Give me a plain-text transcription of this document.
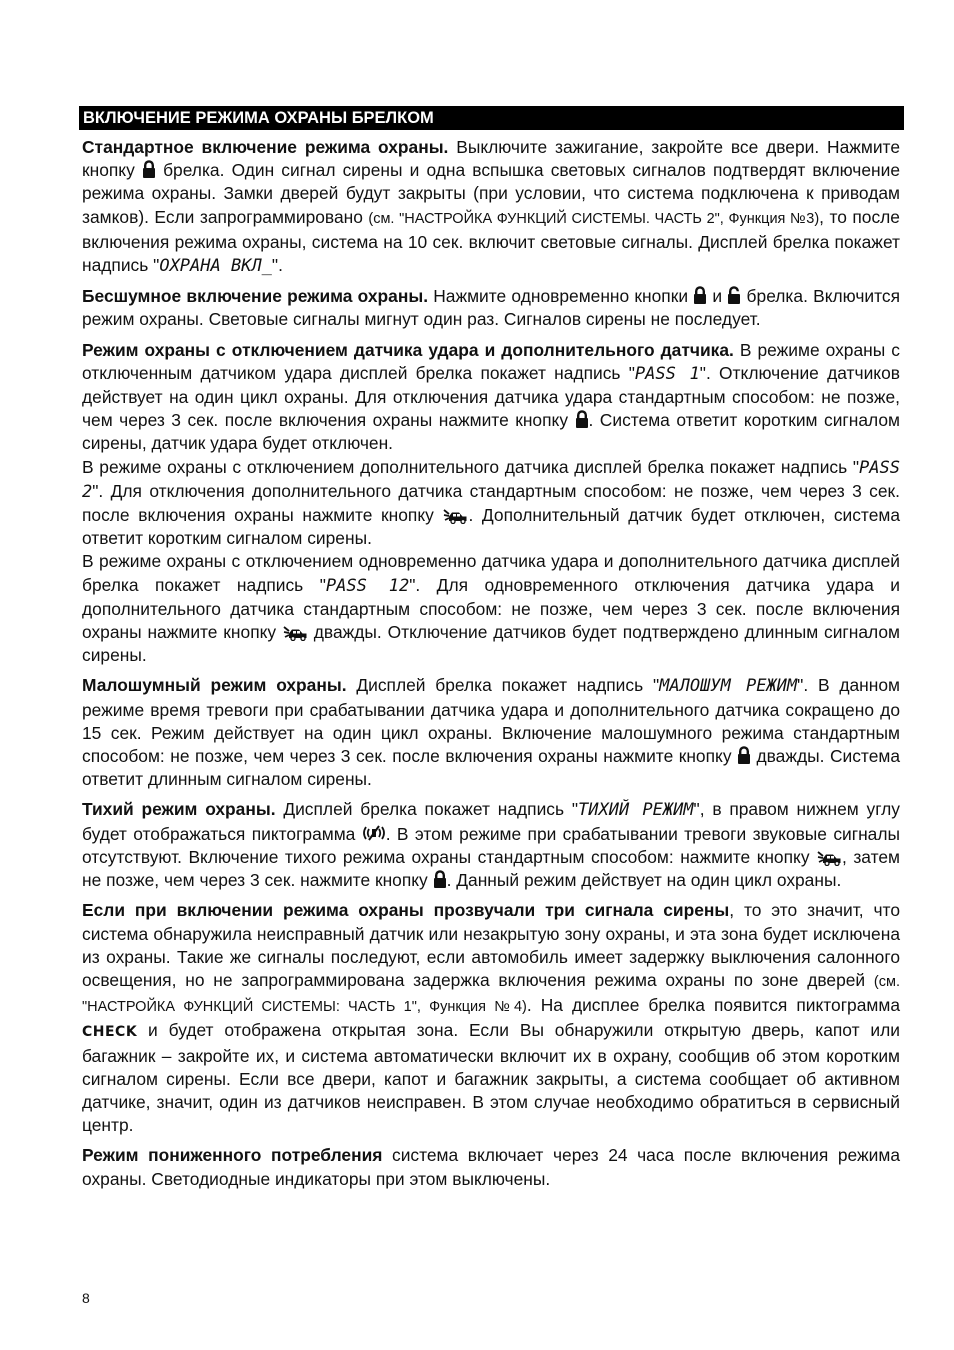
ВКЛЮЧЕНИЕ РЕЖИМА ОХРАНЫ БРЕЛКОМ

Стандартное включение режима охраны. Выключите зажигание, закройте все двери. Нажмите кнопку  брелка. Один сигнал сирены и одна вспышка световых сигналов подтвердят включение режима охраны. Замки дверей будут закрыты (при условии, что система подключена к приводам замков). Если запрограммировано (см. "НАСТРОЙКА ФУНКЦИЙ СИСТЕМЫ. ЧАСТЬ 2", Функция №3), то после включения режима охраны, система на 10 сек. включит световые сигналы. Дисплей брелка покажет надпись "ОХРАНА ВКЛ_".

Бесшумное включение режима охраны. Нажмите одновременно кнопки  и  брелка. Включится режим охраны. Световые сигналы мигнут один раз. Сигналов сирены не последует.

Режим охраны с отключением датчика удара и дополнительного датчика. В режиме охраны с отключенным датчиком удара дисплей брелка покажет надпись "PASS 1". Отключение датчиков действует на один цикл охраны. Для отключения датчика удара стандартным способом: не позже, чем через 3 сек. после включения охраны нажмите кнопку . Система ответит коротким сигналом сирены, датчик удара будет отключен.

В режиме охраны с отключением дополнительного датчика дисплей брелка покажет надпись "PASS 2". Для отключения дополнительного датчика стандартным способом: не позже, чем через 3 сек. после включения охраны нажмите кнопку . Дополнительный датчик будет отключен, система ответит коротким сигналом сирены.

В режиме охраны с отключением одновременно датчика удара и дополнительного датчика дисплей брелка покажет надпись "PASS 12". Для одновременного отключения датчика удара и дополнительного датчика стандартным способом: не позже, чем через 3 сек. после включения охраны нажмите кнопку  дважды. Отключение датчиков будет подтверждено длинным сигналом сирены.

Малошумный режим охраны. Дисплей брелка покажет надпись "МАЛОШУМ РЕЖИМ". В данном режиме время тревоги при срабатывании датчика удара и дополнительного датчика сокращено до 15 сек. Режим действует на один цикл охраны. Включение малошумного режима стандартным способом: не позже, чем через 3 сек. после включения охраны нажмите кнопку  дважды. Система ответит длинным сигналом сирены.

Тихий режим охраны. Дисплей брелка покажет надпись "ТИХИЙ РЕЖИМ", в правом нижнем углу будет отображаться пиктограмма . В этом режиме при срабатывании тревоги звуковые сигналы отсутствуют. Включение тихого режима охраны стандартным способом: нажмите кнопку , затем не позже, чем через 3 сек. нажмите кнопку . Данный режим действует на один цикл охраны.

Если при включении режима охраны прозвучали три сигнала сирены, то это значит, что система обнаружила неисправный датчик или незакрытую зону охраны, и эта зона будет исключена из охраны. Такие же сигналы последуют, если автомобиль имеет задержку выключения салонного освещения, но не запрограммирована задержка включения режима охраны по зоне дверей (см. "НАСТРОЙКА ФУНКЦИЙ СИСТЕМЫ: ЧАСТЬ 1", Функция №4). На дисплее брелка появится пиктограмма CHECK и будет отображена открытая зона. Если Вы обнаружили открытую дверь, капот или багажник – закройте их, и система автоматически включит их в охрану, сообщив об этом коротким сигналом сирены. Если все двери, капот и багажник закрыты, а система сообщает об активном датчике, значит, один из датчиков неисправен. В этом случае необходимо обратиться в сервисный центр.

Режим пониженного потребления система включает через 24 часа после включения режима охраны. Светодиодные индикаторы при этом выключены.

8
